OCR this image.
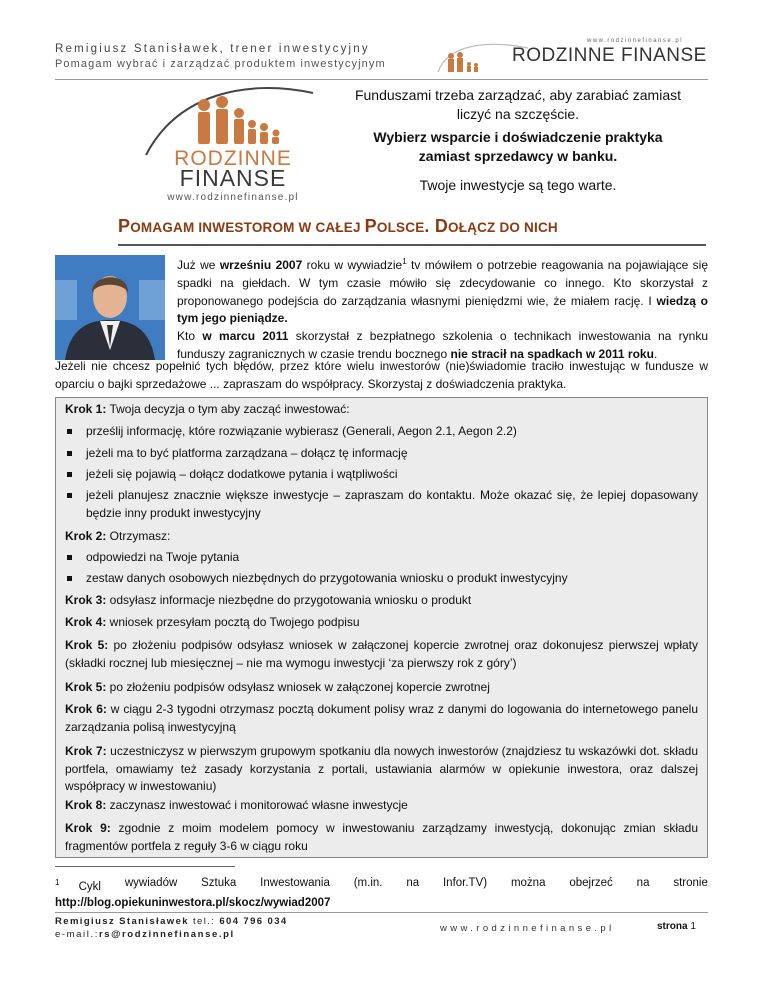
Remigiusz Stanisławek, trener inwestycyjny
Pomagam wybrać i zarządzać produktem inwestycyjnym
www.rodzinnefinanse.pl
RODZINNE FINANSE
RODZINNE
FINANSE
www.rodzinnefinanse.pl
Funduszami trzeba zarządzać, aby zarabiać zamiast liczyć na szczęście.
Wybierz wsparcie i doświadczenie praktyka zamiast sprzedawcy w banku.
Twoje inwestycje są tego warte.
POMAGAM INWESTOROM W CAŁEJ POLSCE. DOŁĄCZ DO NICH

Już we wrześniu 2007 roku w wywiadzie$^1$ tv mówiłem o potrzebie reagowania na pojawiające się spadki na giełdach. W tym czasie mówiło się zdecydowanie co innego. Kto skorzystał z proponowanego podejścia do zarządzania własnymi pieniędzmi wie, że miałem rację. I wiedzą o tym jego pieniądze.

Kto w marcu 2011 skorzystał z bezpłatnego szkolenia o technikach inwestowania na rynku funduszy zagranicznych w czasie trendu bocznego nie stracił na spadkach w 2011 roku.

Jeżeli nie chcesz popełnić tych błędów, przez które wielu inwestorów (nie)świadomie traciło inwestując w fundusze w oparciu o bajki sprzedażowe ... zapraszam do współpracy. Skorzystaj z doświadczenia praktyka.
Krok 1: Twoja decyzja o tym aby zacząć inwestować:
prześlij informację, które rozwiązanie wybierasz (Generali, Aegon 2.1, Aegon 2.2)
jeżeli ma to być platforma zarządzana – dołącz tę informację
jeżeli się pojawią – dołącz dodatkowe pytania i wątpliwości
jeżeli planujesz znacznie większe inwestycje – zapraszam do kontaktu. Może okazać się, że lepiej dopasowany będzie inny produkt inwestycyjny
Krok 2: Otrzymasz:
odpowiedzi na Twoje pytania
zestaw danych osobowych niezbędnych do przygotowania wniosku o produkt inwestycyjny
Krok 3: odsyłasz informacje niezbędne do przygotowania wniosku o produkt
Krok 4: wniosek przesyłam pocztą do Twojego podpisu
Krok 5: po złożeniu podpisów odsyłasz wniosek w załączonej kopercie zwrotnej oraz dokonujesz pierwszej wpłaty (składki rocznej lub miesięcznej – nie ma wymogu inwestycji ‘za pierwszy rok z góry’)
Krok 5: po złożeniu podpisów odsyłasz wniosek w załączonej kopercie zwrotnej
Krok 6: w ciągu 2-3 tygodni otrzymasz pocztą dokument polisy wraz z danymi do logowania do internetowego panelu zarządzania polisą inwestycyjną
Krok 7: uczestniczysz w pierwszym grupowym spotkaniu dla nowych inwestorów (znajdziesz tu wskazówki dot. składu portfela, omawiamy też zasady korzystania z portali, ustawiania alarmów w opiekunie inwestora, oraz dalszej współpracy w inwestowaniu)
Krok 8: zaczynasz inwestować i monitorować własne inwestycje
Krok 9: zgodnie z moim modelem pomocy w inwestowaniu zarządzamy inwestycją, dokonując zmian składu fragmentów portfela z reguły 3-6 w ciągu roku
$^1$ Cykl wywiadów Sztuka Inwestowania (m.in. na Infor.TV) można obejrzeć na stronie
http://blog.opiekuninwestora.pl/skocz/wywiad2007
Remigiusz Stanisławek tel.: 604 796 034
e-mail.:rs@rodzinnefinanse.pl
www.rodzinnefinanse.pl	strona 1
